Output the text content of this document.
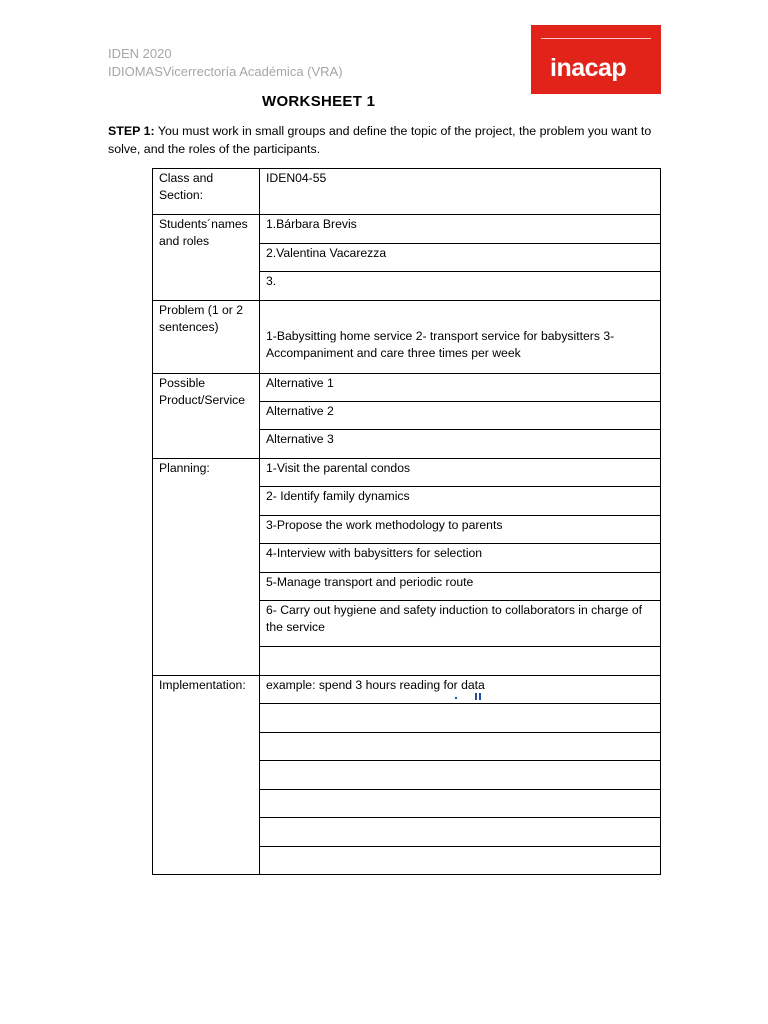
IDEN 2020
IDIOMASVicerrectoría Académica (VRA)	inacap
WORKSHEET 1
STEP 1: You must work in small groups and define the topic of the project, the problem you want to solve, and the roles of the participants.
Class and Section:	IDEN04-55
Students´names and roles	1.Bárbara Brevis
	2.Valentina Vacarezza
	3.
Problem (1 or 2 sentences)	1-Babysitting home service 2- transport service for babysitters 3-Accompaniment and care three times per week
Possible Product/Service	Alternative 1
	Alternative 2
	Alternative 3
Planning:	1-Visit the parental condos
	2- Identify family dynamics
	3-Propose the work methodology to parents
	4-Interview with babysitters for selection
	5-Manage transport and periodic route
	6- Carry out hygiene and safety induction to collaborators in charge of the service

Implementation:	example: spend 3 hours reading for data
